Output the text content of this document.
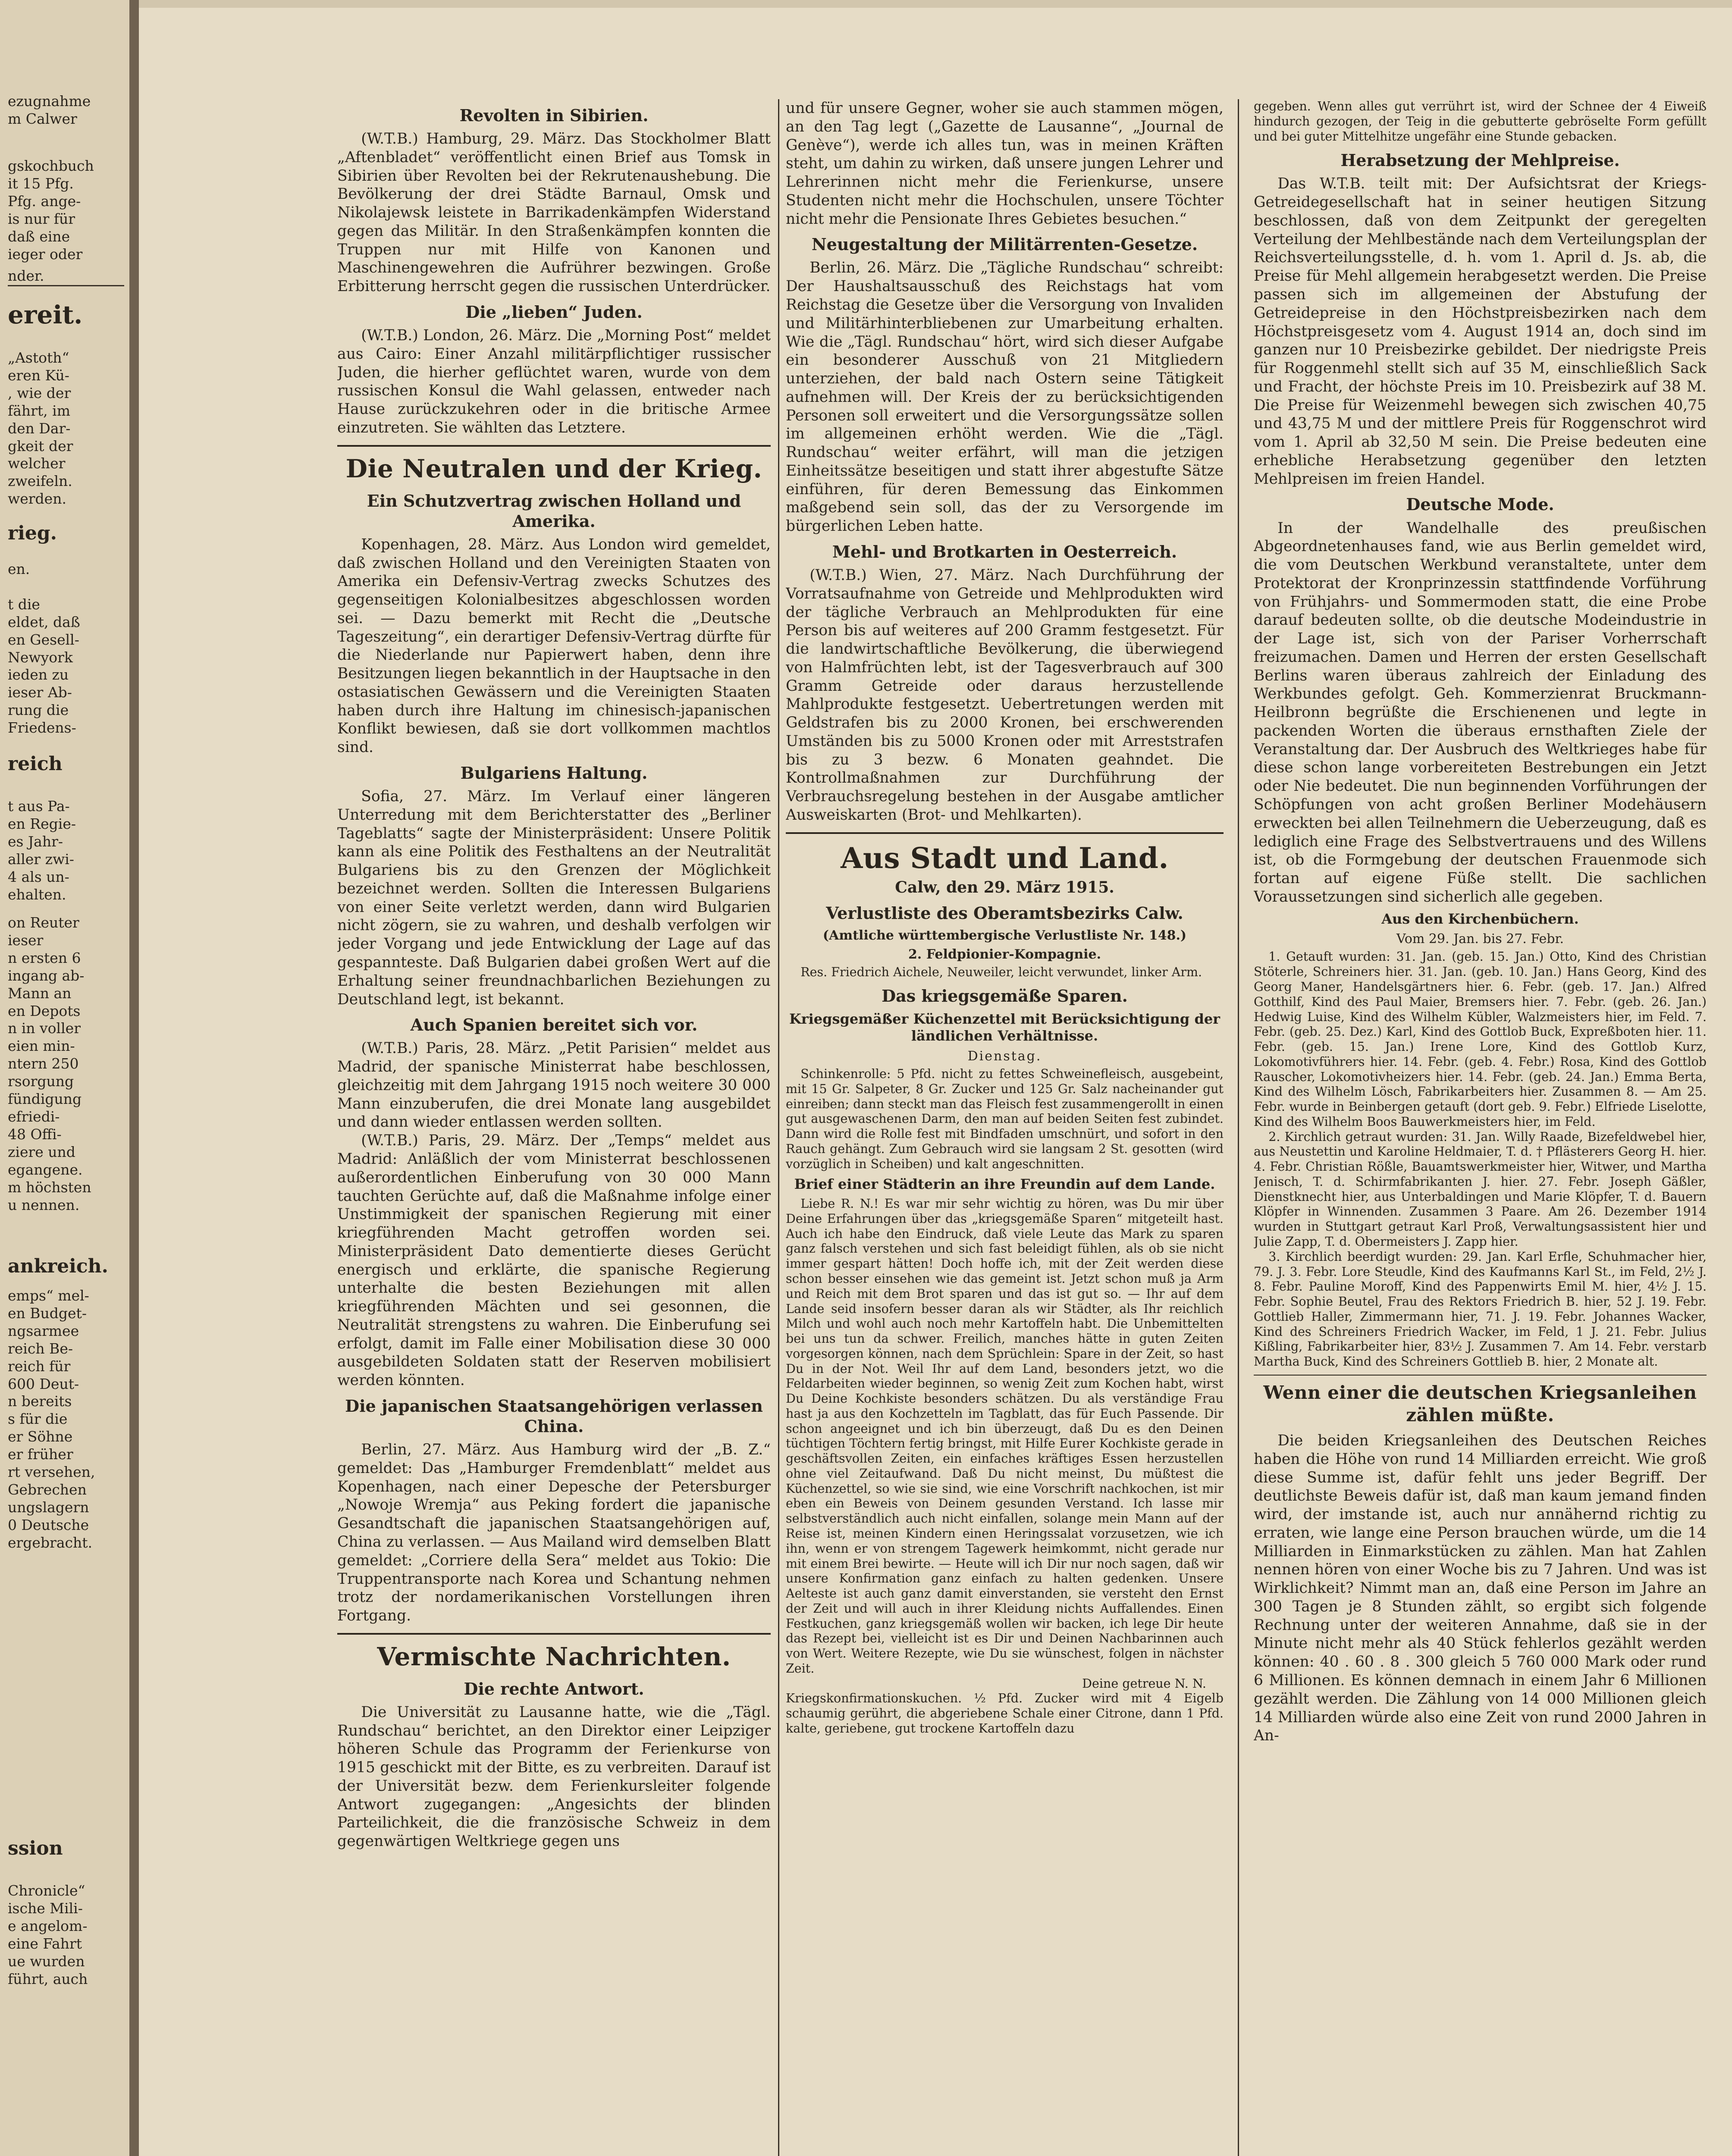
ezugnahme
m Calwer
gskochbuch
it 15 Pfg.
Pfg. ange-
is nur für
daß eine
ieger oder
nder.
ereit.
„Astoth“
eren Kü-
, wie der
fährt, im
den Dar-
gkeit der
welcher
zweifeln.
werden.
rieg.
en.

t die
eldet, daß
en Gesell-
Newyork
ieden zu
ieser Ab-
rung die
Friedens-
reich
t aus Pa-
en Regie-
es Jahr-
aller zwi-
4 als un-
ehalten.
on Reuter
ieser
n ersten 6
ingang ab-
Mann an
en Depots
n in voller
eien min-
ntern 250
rsorgung
fündigung
efriedi-
48 Offi-
ziere und
egangene.
m höchsten
u nennen.
ankreich.
emps“ mel-
en Budget-
ngsarmee
reich Be-
reich für
600 Deut-
n bereits
s für die
er Söhne
er früher
rt versehen,
Gebrechen
ungslagern
0 Deutsche
ergebracht.
ssion
Chronicle“
ische Mili-
e angelom-
eine Fahrt
ue wurden
führt, auch
Revolten in Sibirien.

(W.T.B.) Hamburg, 29. März. Das Stockholmer Blatt „Aftenbladet“ veröffentlicht einen Brief aus Tomsk in Sibirien über Revolten bei der Rekrutenaushebung. Die Bevölkerung der drei Städte Barnaul, Omsk und Nikolajewsk leistete in Barrikadenkämpfen Widerstand gegen das Militär. In den Straßenkämpfen konnten die Truppen nur mit Hilfe von Kanonen und Maschinengewehren die Aufrührer bezwingen. Große Erbitterung herrscht gegen die russischen Unterdrücker.

Die „lieben“ Juden.

(W.T.B.) London, 26. März. Die „Morning Post“ meldet aus Cairo: Einer Anzahl militärpflichtiger russischer Juden, die hierher geflüchtet waren, wurde von dem russischen Konsul die Wahl gelassen, entweder nach Hause zurückzukehren oder in die britische Armee einzutreten. Sie wählten das Letztere.

Die Neutralen und der Krieg.
Ein Schutzvertrag zwischen Holland und Amerika.

Kopenhagen, 28. März. Aus London wird gemeldet, daß zwischen Holland und den Vereinigten Staaten von Amerika ein Defensiv-Vertrag zwecks Schutzes des gegenseitigen Kolonialbesitzes abgeschlossen worden sei. — Dazu bemerkt mit Recht die „Deutsche Tageszeitung“, ein derartiger Defensiv-Vertrag dürfte für die Niederlande nur Papierwert haben, denn ihre Besitzungen liegen bekanntlich in der Hauptsache in den ostasiatischen Gewässern und die Vereinigten Staaten haben durch ihre Haltung im chinesisch-japanischen Konflikt bewiesen, daß sie dort vollkommen machtlos sind.

Bulgariens Haltung.

Sofia, 27. März. Im Verlauf einer längeren Unterredung mit dem Berichterstatter des „Berliner Tageblatts“ sagte der Ministerpräsident: Unsere Politik kann als eine Politik des Festhaltens an der Neutralität Bulgariens bis zu den Grenzen der Möglichkeit bezeichnet werden. Sollten die Interessen Bulgariens von einer Seite verletzt werden, dann wird Bulgarien nicht zögern, sie zu wahren, und deshalb verfolgen wir jeder Vorgang und jede Entwicklung der Lage auf das gespannteste. Daß Bulgarien dabei großen Wert auf die Erhaltung seiner freundnachbarlichen Beziehungen zu Deutschland legt, ist bekannt.

Auch Spanien bereitet sich vor.

(W.T.B.) Paris, 28. März. „Petit Parisien“ meldet aus Madrid, der spanische Ministerrat habe beschlossen, gleichzeitig mit dem Jahrgang 1915 noch weitere 30 000 Mann einzuberufen, die drei Monate lang ausgebildet und dann wieder entlassen werden sollten.

(W.T.B.) Paris, 29. März. Der „Temps“ meldet aus Madrid: Anläßlich der vom Ministerrat beschlossenen außerordentlichen Einberufung von 30 000 Mann tauchten Gerüchte auf, daß die Maßnahme infolge einer Unstimmigkeit der spanischen Regierung mit einer kriegführenden Macht getroffen worden sei. Ministerpräsident Dato dementierte dieses Gerücht energisch und erklärte, die spanische Regierung unterhalte die besten Beziehungen mit allen kriegführenden Mächten und sei gesonnen, die Neutralität strengstens zu wahren. Die Einberufung sei erfolgt, damit im Falle einer Mobilisation diese 30 000 ausgebildeten Soldaten statt der Reserven mobilisiert werden könnten.

Die japanischen Staatsangehörigen verlassen China.

Berlin, 27. März. Aus Hamburg wird der „B. Z.“ gemeldet: Das „Hamburger Fremdenblatt“ meldet aus Kopenhagen, nach einer Depesche der Petersburger „Nowoje Wremja“ aus Peking fordert die japanische Gesandtschaft die japanischen Staatsangehörigen auf, China zu verlassen. — Aus Mailand wird demselben Blatt gemeldet: „Corriere della Sera“ meldet aus Tokio: Die Truppentransporte nach Korea und Schantung nehmen trotz der nordamerikanischen Vorstellungen ihren Fortgang.

Vermischte Nachrichten.
Die rechte Antwort.

Die Universität zu Lausanne hatte, wie die „Tägl. Rundschau“ berichtet, an den Direktor einer Leipziger höheren Schule das Programm der Ferienkurse von 1915 geschickt mit der Bitte, es zu verbreiten. Darauf ist der Universität bezw. dem Ferienkursleiter folgende Antwort zugegangen: „Angesichts der blinden Parteilichkeit, die die französische Schweiz in dem gegenwärtigen Weltkriege gegen uns

und für unsere Gegner, woher sie auch stammen mögen, an den Tag legt („Gazette de Lausanne“, „Journal de Genève“), werde ich alles tun, was in meinen Kräften steht, um dahin zu wirken, daß unsere jungen Lehrer und Lehrerinnen nicht mehr die Ferienkurse, unsere Studenten nicht mehr die Hochschulen, unsere Töchter nicht mehr die Pensionate Ihres Gebietes besuchen.“

Neugestaltung der Militärrenten-Gesetze.

Berlin, 26. März. Die „Tägliche Rundschau“ schreibt: Der Haushaltsausschuß des Reichstags hat vom Reichstag die Gesetze über die Versorgung von Invaliden und Militärhinterbliebenen zur Umarbeitung erhalten. Wie die „Tägl. Rundschau“ hört, wird sich dieser Aufgabe ein besonderer Ausschuß von 21 Mitgliedern unterziehen, der bald nach Ostern seine Tätigkeit aufnehmen will. Der Kreis der zu berücksichtigenden Personen soll erweitert und die Versorgungssätze sollen im allgemeinen erhöht werden. Wie die „Tägl. Rundschau“ weiter erfährt, will man die jetzigen Einheitssätze beseitigen und statt ihrer abgestufte Sätze einführen, für deren Bemessung das Einkommen maßgebend sein soll, das der zu Versorgende im bürgerlichen Leben hatte.

Mehl- und Brotkarten in Oesterreich.

(W.T.B.) Wien, 27. März. Nach Durchführung der Vorratsaufnahme von Getreide und Mehlprodukten wird der tägliche Verbrauch an Mehlprodukten für eine Person bis auf weiteres auf 200 Gramm festgesetzt. Für die landwirtschaftliche Bevölkerung, die überwiegend von Halmfrüchten lebt, ist der Tagesverbrauch auf 300 Gramm Getreide oder daraus herzustellende Mahlprodukte festgesetzt. Uebertretungen werden mit Geldstrafen bis zu 2000 Kronen, bei erschwerenden Umständen bis zu 5000 Kronen oder mit Arreststrafen bis zu 3 bezw. 6 Monaten geahndet. Die Kontrollmaßnahmen zur Durchführung der Verbrauchsregelung bestehen in der Ausgabe amtlicher Ausweiskarten (Brot- und Mehlkarten).

Aus Stadt und Land.
Calw, den 29. März 1915.
Verlustliste des Oberamtsbezirks Calw.
(Amtliche württembergische Verlustliste Nr. 148.)
2. Feldpionier-Kompagnie.

Res. Friedrich Aichele, Neuweiler, leicht verwundet, linker Arm.

Das kriegsgemäße Sparen.
Kriegsgemäßer Küchenzettel mit Berücksichtigung der ländlichen Verhältnisse.
Dienstag.

Schinkenrolle: 5 Pfd. nicht zu fettes Schweinefleisch, ausgebeint, mit 15 Gr. Salpeter, 8 Gr. Zucker und 125 Gr. Salz nacheinander gut einreiben; dann steckt man das Fleisch fest zusammengerollt in einen gut ausgewaschenen Darm, den man auf beiden Seiten fest zubindet. Dann wird die Rolle fest mit Bindfaden umschnürt, und sofort in den Rauch gehängt. Zum Gebrauch wird sie langsam 2 St. gesotten (wird vorzüglich in Scheiben) und kalt angeschnitten.

Brief einer Städterin an ihre Freundin auf dem Lande.

Liebe R. N.! Es war mir sehr wichtig zu hören, was Du mir über Deine Erfahrungen über das „kriegsgemäße Sparen“ mitgeteilt hast. Auch ich habe den Eindruck, daß viele Leute das Mark zu sparen ganz falsch verstehen und sich fast beleidigt fühlen, als ob sie nicht immer gespart hätten! Doch hoffe ich, mit der Zeit werden diese schon besser einsehen wie das gemeint ist. Jetzt schon muß ja Arm und Reich mit dem Brot sparen und das ist gut so. — Ihr auf dem Lande seid insofern besser daran als wir Städter, als Ihr reichlich Milch und wohl auch noch mehr Kartoffeln habt. Die Unbemittelten bei uns tun da schwer. Freilich, manches hätte in guten Zeiten vorgesorgen können, nach dem Sprüchlein: Spare in der Zeit, so hast Du in der Not. Weil Ihr auf dem Land, besonders jetzt, wo die Feldarbeiten wieder beginnen, so wenig Zeit zum Kochen habt, wirst Du Deine Kochkiste besonders schätzen. Du als verständige Frau hast ja aus den Kochzetteln im Tagblatt, das für Euch Passende. Dir schon angeeignet und ich bin überzeugt, daß Du es den Deinen tüchtigen Töchtern fertig bringst, mit Hilfe Eurer Kochkiste gerade in geschäftsvollen Zeiten, ein einfaches kräftiges Essen herzustellen ohne viel Zeitaufwand. Daß Du nicht meinst, Du müßtest die Küchenzettel, so wie sie sind, wie eine Vorschrift nachkochen, ist mir eben ein Beweis von Deinem gesunden Verstand. Ich lasse mir selbstverständlich auch nicht einfallen, solange mein Mann auf der Reise ist, meinen Kindern einen Heringssalat vorzusetzen, wie ich ihn, wenn er von strengem Tagewerk heimkommt, nicht gerade nur mit einem Brei bewirte. — Heute will ich Dir nur noch sagen, daß wir unsere Konfirmation ganz einfach zu halten gedenken. Unsere Aelteste ist auch ganz damit einverstanden, sie versteht den Ernst der Zeit und will auch in ihrer Kleidung nichts Auffallendes. Einen Festkuchen, ganz kriegsgemäß wollen wir backen, ich lege Dir heute das Rezept bei, vielleicht ist es Dir und Deinen Nachbarinnen auch von Wert. Weitere Rezepte, wie Du sie wünschest, folgen in nächster Zeit.

Deine getreue N. N.

Kriegskonfirmationskuchen. ½ Pfd. Zucker wird mit 4 Eigelb schaumig gerührt, die abgeriebene Schale einer Citrone, dann 1 Pfd. kalte, geriebene, gut trockene Kartoffeln dazu

gegeben. Wenn alles gut verrührt ist, wird der Schnee der 4 Eiweiß hindurch gezogen, der Teig in die gebutterte gebröselte Form gefüllt und bei guter Mittelhitze ungefähr eine Stunde gebacken.

Herabsetzung der Mehlpreise.

Das W.T.B. teilt mit: Der Aufsichtsrat der Kriegs-Getreidegesellschaft hat in seiner heutigen Sitzung beschlossen, daß von dem Zeitpunkt der geregelten Verteilung der Mehlbestände nach dem Verteilungsplan der Reichsverteilungsstelle, d. h. vom 1. April d. Js. ab, die Preise für Mehl allgemein herabgesetzt werden. Die Preise passen sich im allgemeinen der Abstufung der Getreidepreise in den Höchstpreisbezirken nach dem Höchstpreisgesetz vom 4. August 1914 an, doch sind im ganzen nur 10 Preisbezirke gebildet. Der niedrigste Preis für Roggenmehl stellt sich auf 35 M, einschließlich Sack und Fracht, der höchste Preis im 10. Preisbezirk auf 38 M. Die Preise für Weizenmehl bewegen sich zwischen 40,75 und 43,75 M und der mittlere Preis für Roggenschrot wird vom 1. April ab 32,50 M sein. Die Preise bedeuten eine erhebliche Herabsetzung gegenüber den letzten Mehlpreisen im freien Handel.

Deutsche Mode.

In der Wandelhalle des preußischen Abgeordnetenhauses fand, wie aus Berlin gemeldet wird, die vom Deutschen Werkbund veranstaltete, unter dem Protektorat der Kronprinzessin stattfindende Vorführung von Frühjahrs- und Sommermoden statt, die eine Probe darauf bedeuten sollte, ob die deutsche Modeindustrie in der Lage ist, sich von der Pariser Vorherrschaft freizumachen. Damen und Herren der ersten Gesellschaft Berlins waren überaus zahlreich der Einladung des Werkbundes gefolgt. Geh. Kommerzienrat Bruckmann-Heilbronn begrüßte die Erschienenen und legte in packenden Worten die überaus ernsthaften Ziele der Veranstaltung dar. Der Ausbruch des Weltkrieges habe für diese schon lange vorbereiteten Bestrebungen ein Jetzt oder Nie bedeutet. Die nun beginnenden Vorführungen der Schöpfungen von acht großen Berliner Modehäusern erweckten bei allen Teilnehmern die Ueberzeugung, daß es lediglich eine Frage des Selbstvertrauens und des Willens ist, ob die Formgebung der deutschen Frauenmode sich fortan auf eigene Füße stellt. Die sachlichen Voraussetzungen sind sicherlich alle gegeben.

Aus den Kirchenbüchern.
Vom 29. Jan. bis 27. Febr.

1. Getauft wurden: 31. Jan. (geb. 15. Jan.) Otto, Kind des Christian Stöterle, Schreiners hier. 31. Jan. (geb. 10. Jan.) Hans Georg, Kind des Georg Maner, Handelsgärtners hier. 6. Febr. (geb. 17. Jan.) Alfred Gotthilf, Kind des Paul Maier, Bremsers hier. 7. Febr. (geb. 26. Jan.) Hedwig Luise, Kind des Wilhelm Kübler, Walzmeisters hier, im Feld. 7. Febr. (geb. 25. Dez.) Karl, Kind des Gottlob Buck, Expreßboten hier. 11. Febr. (geb. 15. Jan.) Irene Lore, Kind des Gottlob Kurz, Lokomotivführers hier. 14. Febr. (geb. 4. Febr.) Rosa, Kind des Gottlob Rauscher, Lokomotivheizers hier. 14. Febr. (geb. 24. Jan.) Emma Berta, Kind des Wilhelm Lösch, Fabrikarbeiters hier. Zusammen 8. — Am 25. Febr. wurde in Beinbergen getauft (dort geb. 9. Febr.) Elfriede Liselotte, Kind des Wilhelm Boos Bauwerkmeisters hier, im Feld.

2. Kirchlich getraut wurden: 31. Jan. Willy Raade, Bizefeldwebel hier, aus Neustettin und Karoline Heldmaier, T. d. † Pflästerers Georg H. hier. 4. Febr. Christian Rößle, Bauamtswerkmeister hier, Witwer, und Martha Jenisch, T. d. Schirmfabrikanten J. hier. 27. Febr. Joseph Gäßler, Dienstknecht hier, aus Unterbaldingen und Marie Klöpfer, T. d. Bauern Klöpfer in Winnenden. Zusammen 3 Paare. Am 26. Dezember 1914 wurden in Stuttgart getraut Karl Proß, Verwaltungsassistent hier und Julie Zapp, T. d. Obermeisters J. Zapp hier.

3. Kirchlich beerdigt wurden: 29. Jan. Karl Erfle, Schuhmacher hier, 79. J. 3. Febr. Lore Steudle, Kind des Kaufmanns Karl St., im Feld, 2½ J. 8. Febr. Pauline Moroff, Kind des Pappenwirts Emil M. hier, 4½ J. 15. Febr. Sophie Beutel, Frau des Rektors Friedrich B. hier, 52 J. 19. Febr. Gottlieb Haller, Zimmermann hier, 71. J. 19. Febr. Johannes Wacker, Kind des Schreiners Friedrich Wacker, im Feld, 1 J. 21. Febr. Julius Kißling, Fabrikarbeiter hier, 83½ J. Zusammen 7. Am 14. Febr. verstarb Martha Buck, Kind des Schreiners Gottlieb B. hier, 2 Monate alt.

Wenn einer die deutschen Kriegsanleihen zählen müßte.

Die beiden Kriegsanleihen des Deutschen Reiches haben die Höhe von rund 14 Milliarden erreicht. Wie groß diese Summe ist, dafür fehlt uns jeder Begriff. Der deutlichste Beweis dafür ist, daß man kaum jemand finden wird, der imstande ist, auch nur annähernd richtig zu erraten, wie lange eine Person brauchen würde, um die 14 Milliarden in Einmarkstücken zu zählen. Man hat Zahlen nennen hören von einer Woche bis zu 7 Jahren. Und was ist Wirklichkeit? Nimmt man an, daß eine Person im Jahre an 300 Tagen je 8 Stunden zählt, so ergibt sich folgende Rechnung unter der weiteren Annahme, daß sie in der Minute nicht mehr als 40 Stück fehlerlos gezählt werden können: 40 . 60 . 8 . 300 gleich 5 760 000 Mark oder rund 6 Millionen. Es können demnach in einem Jahr 6 Millionen gezählt werden. Die Zählung von 14 000 Millionen gleich 14 Milliarden würde also eine Zeit von rund 2000 Jahren in An-
